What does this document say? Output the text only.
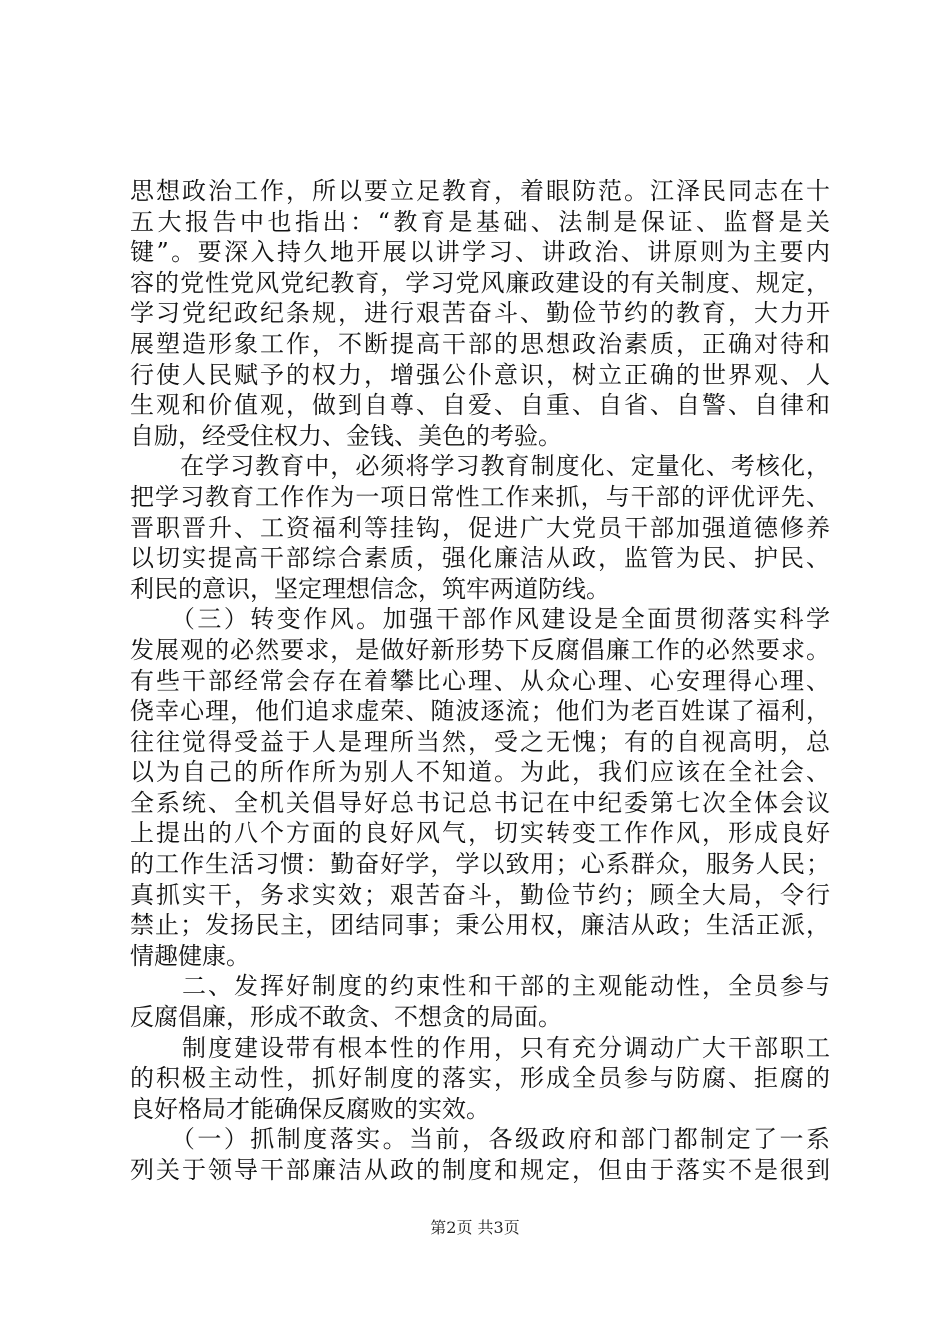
思想政治工作，所以要立足教育，着眼防范。江泽民同志在十
五大报告中也指出：“教育是基础、法制是保证、监督是关
键”。要深入持久地开展以讲学习、讲政治、讲原则为主要内
容的党性党风党纪教育，学习党风廉政建设的有关制度、规定，
学习党纪政纪条规，进行艰苦奋斗、勤俭节约的教育，大力开
展塑造形象工作，不断提高干部的思想政治素质，正确对待和
行使人民赋予的权力，增强公仆意识，树立正确的世界观、人
生观和价值观，做到自尊、自爱、自重、自省、自警、自律和
自励，经受住权力、金钱、美色的考验。
　　在学习教育中，必须将学习教育制度化、定量化、考核化，
把学习教育工作作为一项日常性工作来抓，与干部的评优评先、
晋职晋升、工资福利等挂钩，促进广大党员干部加强道德修养
以切实提高干部综合素质，强化廉洁从政，监管为民、护民、
利民的意识，坚定理想信念，筑牢两道防线。
　　（三）转变作风。加强干部作风建设是全面贯彻落实科学
发展观的必然要求，是做好新形势下反腐倡廉工作的必然要求。
有些干部经常会存在着攀比心理、从众心理、心安理得心理、
侥幸心理，他们追求虚荣、随波逐流；他们为老百姓谋了福利，
往往觉得受益于人是理所当然，受之无愧；有的自视高明，总
以为自己的所作所为别人不知道。为此，我们应该在全社会、
全系统、全机关倡导好总书记总书记在中纪委第七次全体会议
上提出的八个方面的良好风气，切实转变工作作风，形成良好
的工作生活习惯：勤奋好学，学以致用；心系群众，服务人民；
真抓实干，务求实效；艰苦奋斗，勤俭节约；顾全大局，令行
禁止；发扬民主，团结同事；秉公用权，廉洁从政；生活正派，
情趣健康。
　　二、发挥好制度的约束性和干部的主观能动性，全员参与
反腐倡廉，形成不敢贪、不想贪的局面。
　　制度建设带有根本性的作用，只有充分调动广大干部职工
的积极主动性，抓好制度的落实，形成全员参与防腐、拒腐的
良好格局才能确保反腐败的实效。
　　（一）抓制度落实。当前，各级政府和部门都制定了一系
列关于领导干部廉洁从政的制度和规定，但由于落实不是很到
第2页 共3页
